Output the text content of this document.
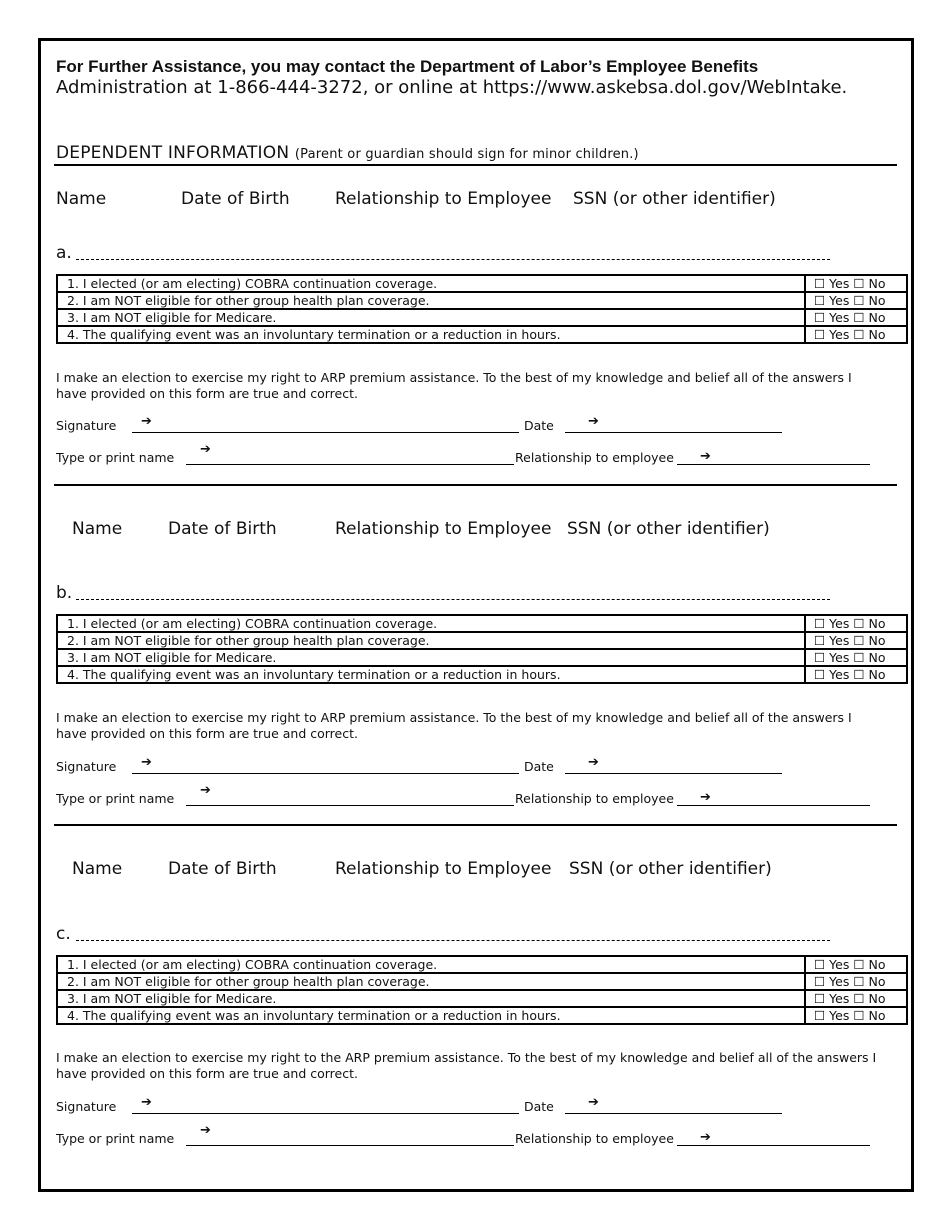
For Further Assistance, you may contact the Department of Labor’s Employee Benefits
Administration at 1-866-444-3272, or online at https://www.askebsa.dol.gov/WebIntake.
DEPENDENT INFORMATION (Parent or guardian should sign for minor children.)
Name	Date of Birth	Relationship to Employee SSN (or other identifier)
a.
1. I elected (or am electing) COBRA continuation coverage.	☐ Yes ☐ No
2. I am NOT eligible for other group health plan coverage.	☐ Yes ☐ No
3. I am NOT eligible for Medicare.	☐ Yes ☐ No
4. The qualifying event was an involuntary termination or a reduction in hours.	☐ Yes ☐ No
I make an election to exercise my right to ARP premium assistance. To the best of my knowledge and belief all of the answers I have provided on this form are true and correct.
Signature ➔	Date	➔
Type or print name
➔
Relationship to employee ➔
Name	Date of Birth	Relationship to Employee SSN (or other identifier)
b.
1. I elected (or am electing) COBRA continuation coverage.	☐ Yes ☐ No
2. I am NOT eligible for other group health plan coverage.	☐ Yes ☐ No
3. I am NOT eligible for Medicare.	☐ Yes ☐ No
4. The qualifying event was an involuntary termination or a reduction in hours.	☐ Yes ☐ No
I make an election to exercise my right to ARP premium assistance. To the best of my knowledge and belief all of the answers I have provided on this form are true and correct.
Signature ➔	Date	➔
Type or print name
➔
Relationship to employee ➔
Name	Date of Birth	Relationship to Employee SSN (or other identifier)
c.
1. I elected (or am electing) COBRA continuation coverage.	☐ Yes ☐ No
2. I am NOT eligible for other group health plan coverage.	☐ Yes ☐ No
3. I am NOT eligible for Medicare.	☐ Yes ☐ No
4. The qualifying event was an involuntary termination or a reduction in hours.	☐ Yes ☐ No
I make an election to exercise my right to the ARP premium assistance. To the best of my knowledge and belief all of the answers I have provided on this form are true and correct.
Signature ➔	Date	➔
Type or print name
➔
Relationship to employee ➔
